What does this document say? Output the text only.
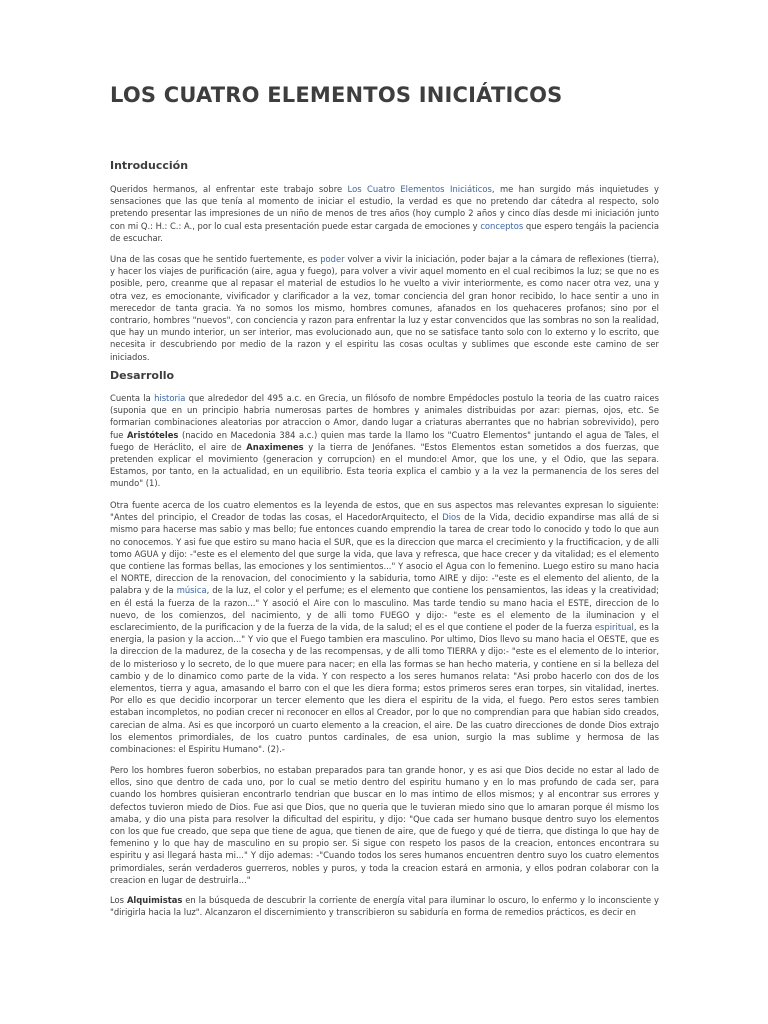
LOS CUATRO ELEMENTOS INICIÁTICOS
Introducción

Queridos hermanos, al enfrentar este trabajo sobre Los Cuatro Elementos Iniciáticos, me han surgido más inquietudes y sensaciones que las que tenía al momento de iniciar el estudio, la verdad es que no pretendo dar cátedra al respecto, solo pretendo presentar las impresiones de un niño de menos de tres años (hoy cumplo 2 años y cinco días desde mi iniciación junto con mi Q.: H.: C.: A., por lo cual esta presentación puede estar cargada de emociones y conceptos que espero tengáis la paciencia de escuchar.

Una de las cosas que he sentido fuertemente, es poder volver a vivir la iniciación, poder bajar a la cámara de reflexiones (tierra), y hacer los viajes de purificación (aire, agua y fuego), para volver a vivir aquel momento en el cual recibimos la luz; se que no es posible, pero, creanme que al repasar el material de estudios lo he vuelto a vivir interiormente, es como nacer otra vez, una y otra vez, es emocionante, vivificador y clarificador a la vez, tomar conciencia del gran honor recibido, lo hace sentir a uno in merecedor de tanta gracia. Ya no somos los mismo, hombres comunes, afanados en los quehaceres profanos; sino por el contrario, hombres "nuevos", con conciencia y razon para enfrentar la luz y estar convencidos que las sombras no son la realidad, que hay un mundo interior, un ser interior, mas evolucionado aun, que no se satisface tanto solo con lo externo y lo escrito, que necesita ir descubriendo por medio de la razon y el espiritu las cosas ocultas y sublimes que esconde este camino de ser iniciados.

Desarrollo

Cuenta la historia que alrededor del 495 a.c. en Grecia, un filósofo de nombre Empédocles postulo la teoria de las cuatro raices (suponia que en un principio habria numerosas partes de hombres y animales distribuidas por azar: piernas, ojos, etc. Se formarian combinaciones aleatorias por atraccion o Amor, dando lugar a criaturas aberrantes que no habrian sobrevivido), pero fue Aristóteles (nacido en Macedonia 384 a.c.) quien mas tarde la llamo los "Cuatro Elementos" juntando el agua de Tales, el fuego de Heráclito, el aire de Anaximenes y la tierra de Jenófanes. "Estos Elementos estan sometidos a dos fuerzas, que pretenden explicar el movimiento (generacion y corrupcion) en el mundo:el Amor, que los une, y el Odio, que las separa. Estamos, por tanto, en la actualidad, en un equilibrio. Esta teoria explica el cambio y a la vez la permanencia de los seres del mundo" (1).

Otra fuente acerca de los cuatro elementos es la leyenda de estos, que en sus aspectos mas relevantes expresan lo siguiente: "Antes del principio, el Creador de todas las cosas, el HacedorArquitecto, el Dios de la Vida, decidio expandirse mas allá de si mismo para hacerse mas sabio y mas bello; fue entonces cuando emprendio la tarea de crear todo lo conocido y todo lo que aun no conocemos. Y asi fue que estiro su mano hacia el SUR, que es la direccion que marca el crecimiento y la fructificacion, y de alli tomo AGUA y dijo: -"este es el elemento del que surge la vida, que lava y refresca, que hace crecer y da vitalidad; es el elemento que contiene las formas bellas, las emociones y los sentimientos..." Y asocio el Agua con lo femenino. Luego estiro su mano hacia el NORTE, direccion de la renovacion, del conocimiento y la sabiduria, tomo AIRE y dijo: -"este es el elemento del aliento, de la palabra y de la música, de la luz, el color y el perfume; es el elemento que contiene los pensamientos, las ideas y la creatividad; en él está la fuerza de la razon..." Y asoció el Aire con lo masculino. Mas tarde tendio su mano hacia el ESTE, direccion de lo nuevo, de los comienzos, del nacimiento, y de alli tomo FUEGO y dijo:- "este es el elemento de la iluminacion y el esclarecimiento, de la purificacion y de la fuerza de la vida, de la salud; el es el que contiene el poder de la fuerza espiritual, es la energia, la pasion y la accion..." Y vio que el Fuego tambien era masculino. Por ultimo, Dios llevo su mano hacia el OESTE, que es la direccion de la madurez, de la cosecha y de las recompensas, y de alli tomo TIERRA y dijo:- "este es el elemento de lo interior, de lo misterioso y lo secreto, de lo que muere para nacer; en ella las formas se han hecho materia, y contiene en si la belleza del cambio y de lo dinamico como parte de la vida. Y con respecto a los seres humanos relata: "Asi probo hacerlo con dos de los elementos, tierra y agua, amasando el barro con el que les diera forma; estos primeros seres eran torpes, sin vitalidad, inertes. Por ello es que decidio incorporar un tercer elemento que les diera el espiritu de la vida, el fuego. Pero estos seres tambien estaban incompletos, no podian crecer ni reconocer en ellos al Creador, por lo que no comprendian para que habian sido creados, carecian de alma. Asi es que incorporó un cuarto elemento a la creacion, el aire. De las cuatro direcciones de donde Dios extrajo los elementos primordiales, de los cuatro puntos cardinales, de esa union, surgio la mas sublime y hermosa de las combinaciones: el Espiritu Humano". (2).-

Pero los hombres fueron soberbios, no estaban preparados para tan grande honor, y es asi que Dios decide no estar al lado de ellos, sino que dentro de cada uno, por lo cual se metio dentro del espiritu humano y en lo mas profundo de cada ser, para cuando los hombres quisieran encontrarlo tendrian que buscar en lo mas intimo de ellos mismos; y al encontrar sus errores y defectos tuvieron miedo de Dios. Fue asi que Dios, que no queria que le tuvieran miedo sino que lo amaran porque él mismo los amaba, y dio una pista para resolver la dificultad del espiritu, y dijo: "Que cada ser humano busque dentro suyo los elementos con los que fue creado, que sepa que tiene de agua, que tienen de aire, que de fuego y qué de tierra, que distinga lo que hay de femenino y lo que hay de masculino en su propio ser. Si sigue con respeto los pasos de la creacion, entonces encontrara su espiritu y asi llegará hasta mi..." Y dijo ademas: -"Cuando todos los seres humanos encuentren dentro suyo los cuatro elementos primordiales, serán verdaderos guerreros, nobles y puros, y toda la creacion estará en armonia, y ellos podran colaborar con la creacion en lugar de destruirla..."

Los Alquimistas en la búsqueda de descubrir la corriente de energía vital para iluminar lo oscuro, lo enfermo y lo inconsciente y "dirigirla hacia la luz". Alcanzaron el discernimiento y transcribieron su sabiduría en forma de remedios prácticos, es decir en
